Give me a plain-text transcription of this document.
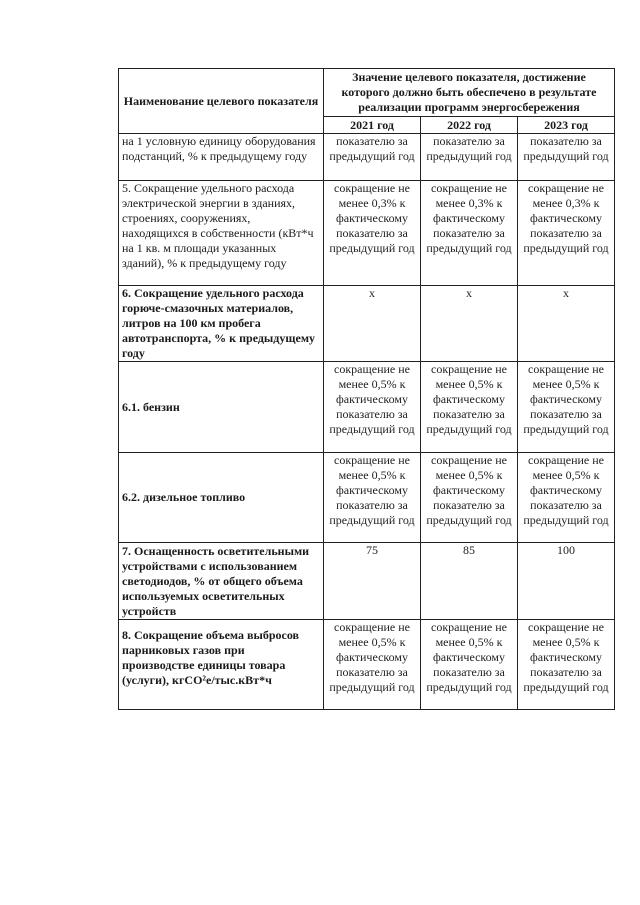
Наименование целевого показателя	Значение целевого показателя, достижение которого должно быть обеспечено в результате реализации программ энергосбережения		
	2021 год	2022 год	2023 год
на 1 условную единицу оборудования подстанций, % к предыдущему году	показателю за предыдущий год	показателю за предыдущий год	показателю за предыдущий год
5. Сокращение удельного расхода электрической энергии в зданиях, строениях, сооружениях, находящихся в собственности (кВт*ч на 1 кв. м площади указанных зданий), % к предыдущему году	сокращение не менее 0,3% к фактическому показателю за предыдущий год	сокращение не менее 0,3% к фактическому показателю за предыдущий год	сокращение не менее 0,3% к фактическому показателю за предыдущий год
6. Сокращение удельного расхода горюче-смазочных материалов, литров на 100 км пробега автотранспорта, % к предыдущему году	x	x	x
6.1. бензин	сокращение не менее 0,5% к фактическому показателю за предыдущий год	сокращение не менее 0,5% к фактическому показателю за предыдущий год	сокращение не менее 0,5% к фактическому показателю за предыдущий год
6.2. дизельное топливо	сокращение не менее 0,5% к фактическому показателю за предыдущий год	сокращение не менее 0,5% к фактическому показателю за предыдущий год	сокращение не менее 0,5% к фактическому показателю за предыдущий год
7. Оснащенность осветительными устройствами с использованием светодиодов, % от общего объема используемых осветительных устройств	75	85	100
8. Сокращение объема выбросов парниковых газов при производстве единицы товара (услуги), кгCO²е/тыс.кВт*ч	сокращение не менее 0,5% к фактическому показателю за предыдущий год	сокращение не менее 0,5% к фактическому показателю за предыдущий год	сокращение не менее 0,5% к фактическому показателю за предыдущий год
